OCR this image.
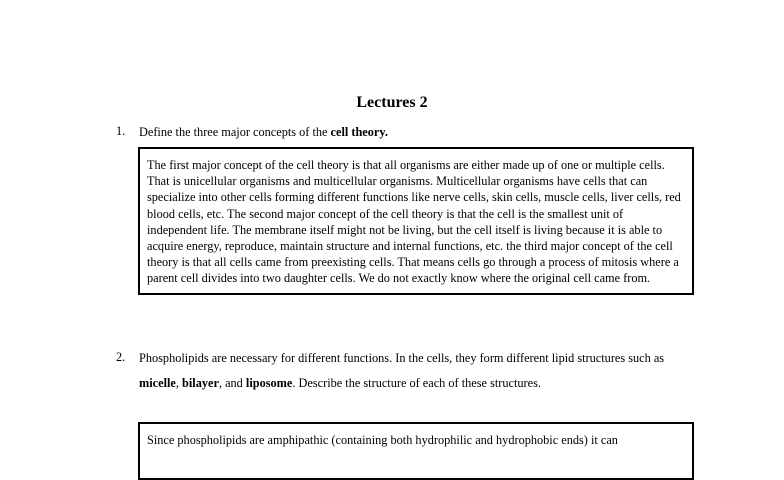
Lectures 2
1. Define the three major concepts of the cell theory.
The first major concept of the cell theory is that all organisms are either made up of one or multiple cells. That is unicellular organisms and multicellular organisms. Multicellular organisms have cells that can specialize into other cells forming different functions like nerve cells, skin cells, muscle cells, liver cells, red blood cells, etc. The second major concept of the cell theory is that the cell is the smallest unit of independent life. The membrane itself might not be living, but the cell itself is living because it is able to acquire energy, reproduce, maintain structure and internal functions, etc. the third major concept of the cell theory is that all cells came from preexisting cells. That means cells go through a process of mitosis where a parent cell divides into two daughter cells. We do not exactly know where the original cell came from.
2. Phospholipids are necessary for different functions. In the cells, they form different lipid structures such as micelle, bilayer, and liposome. Describe the structure of each of these structures.
Since phospholipids are amphipathic (containing both hydrophilic and hydrophobic ends) it can
